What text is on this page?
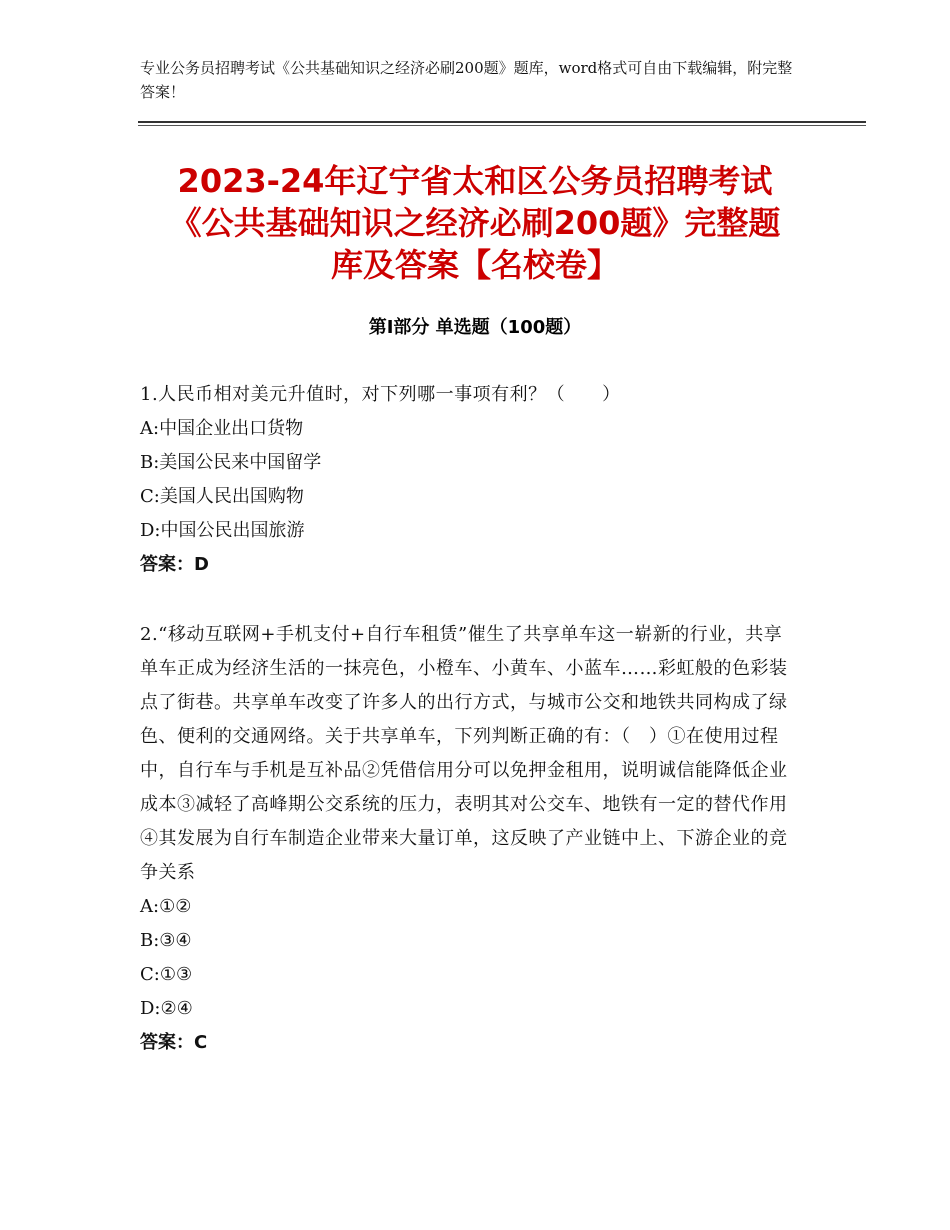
专业公务员招聘考试《公共基础知识之经济必刷200题》题库，word格式可自由下载编辑，附完整答案！
2023-24年辽宁省太和区公务员招聘考试
《公共基础知识之经济必刷200题》完整题
库及答案【名校卷】
第Ⅰ部分 单选题（100题）
1.人民币相对美元升值时，对下列哪一事项有利？（　　）
A:中国企业出口货物
B:美国公民来中国留学
C:美国人民出国购物
D:中国公民出国旅游
答案：D
2.“移动互联网+手机支付+自行车租赁”催生了共享单车这一崭新的行业，共享单车正成为经济生活的一抹亮色，小橙车、小黄车、小蓝车……彩虹般的色彩装点了街巷。共享单车改变了许多人的出行方式，与城市公交和地铁共同构成了绿色、便利的交通网络。关于共享单车，下列判断正确的有：（　）①在使用过程中，自行车与手机是互补品②凭借信用分可以免押金租用，说明诚信能降低企业成本③减轻了高峰期公交系统的压力，表明其对公交车、地铁有一定的替代作用④其发展为自行车制造企业带来大量订单，这反映了产业链中上、下游企业的竞争关系
A:①②
B:③④
C:①③
D:②④
答案：C
